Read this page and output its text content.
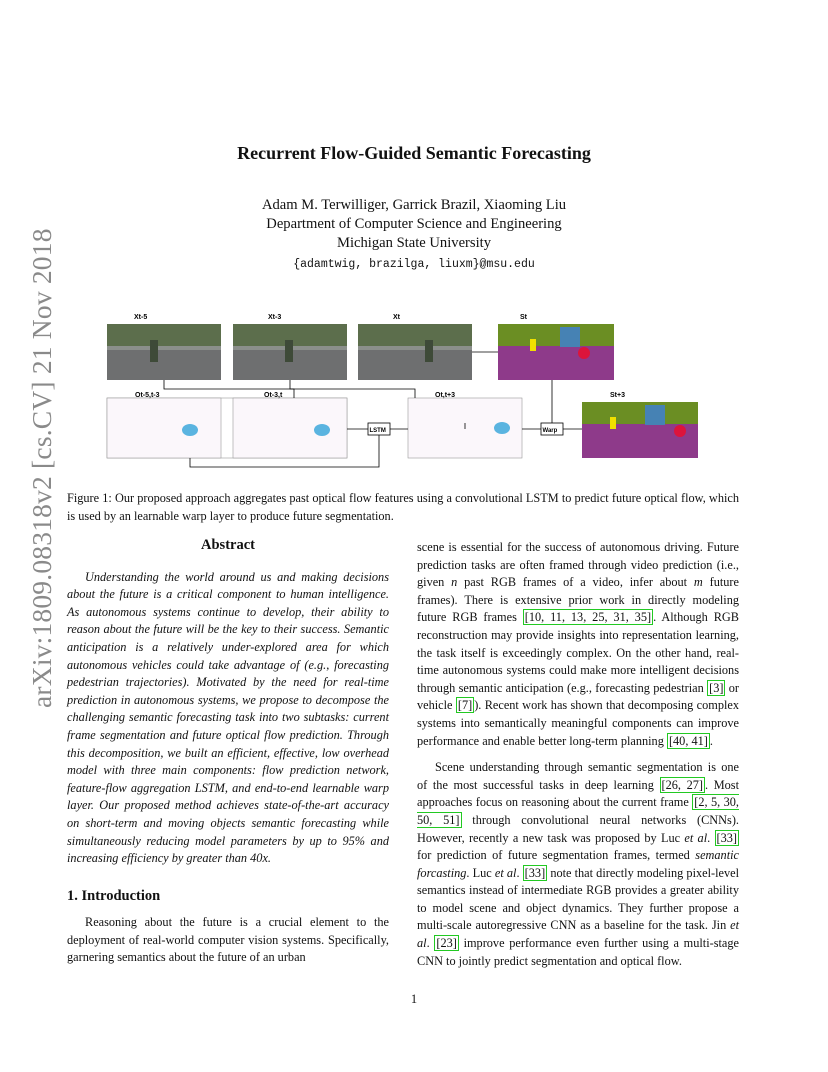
arXiv:1809.08318v2 [cs.CV] 21 Nov 2018
Recurrent Flow-Guided Semantic Forecasting
Adam M. Terwilliger, Garrick Brazil, Xiaoming Liu
Department of Computer Science and Engineering
Michigan State University
{adamtwig, brazilga, liuxm}@msu.edu
Xt-5	Xt-3	Xt	St
Ot-5,t-3	Ot-3,t	Ot,t+3	St+3
LSTM	Warp
Figure 1: Our proposed approach aggregates past optical flow features using a convolutional LSTM to predict future optical flow, which is used by an learnable warp layer to produce future segmentation.
Abstract

Understanding the world around us and making decisions about the future is a critical component to human intelligence. As autonomous systems continue to develop, their ability to reason about the future will be the key to their success. Semantic anticipation is a relatively under-explored area for which autonomous vehicles could take advantage of (e.g., forecasting pedestrian trajectories). Motivated by the need for real-time prediction in autonomous systems, we propose to decompose the challenging semantic forecasting task into two subtasks: current frame segmentation and future optical flow prediction. Through this decomposition, we built an efficient, effective, low overhead model with three main components: flow prediction network, feature-flow aggregation LSTM, and end-to-end learnable warp layer. Our proposed method achieves state-of-the-art accuracy on short-term and moving objects semantic forecasting while simultaneously reducing model parameters by up to 95% and increasing efficiency by greater than 40x.

1. Introduction

Reasoning about the future is a crucial element to the deployment of real-world computer vision systems. Specifically, garnering semantics about the future of an urban

scene is essential for the success of autonomous driving. Future prediction tasks are often framed through video prediction (i.e., given n past RGB frames of a video, infer about m future frames). There is extensive prior work in directly modeling future RGB frames [10, 11, 13, 25, 31, 35] . Although RGB reconstruction may provide insights into representation learning, the task itself is exceedingly complex. On the other hand, real-time autonomous systems could make more intelligent decisions through semantic anticipation (e.g., forecasting pedestrian [3] or vehicle [7] ). Recent work has shown that decomposing complex systems into semantically meaningful components can improve performance and enable better long-term planning [40, 41] .

Scene understanding through semantic segmentation is one of the most successful tasks in deep learning [26, 27] . Most approaches focus on reasoning about the current frame [2, 5, 30, 50, 51] through convolutional neural networks (CNNs). However, recently a new task was proposed by Luc et al. [33] for prediction of future segmentation frames, termed semantic forcasting. Luc et al. [33] note that directly modeling pixel-level semantics instead of intermediate RGB provides a greater ability to model scene and object dynamics. They further propose a multi-scale autoregressive CNN as a baseline for the task. Jin et al. [23] improve performance even further using a multi-stage CNN to jointly predict segmentation and optical flow.

1
